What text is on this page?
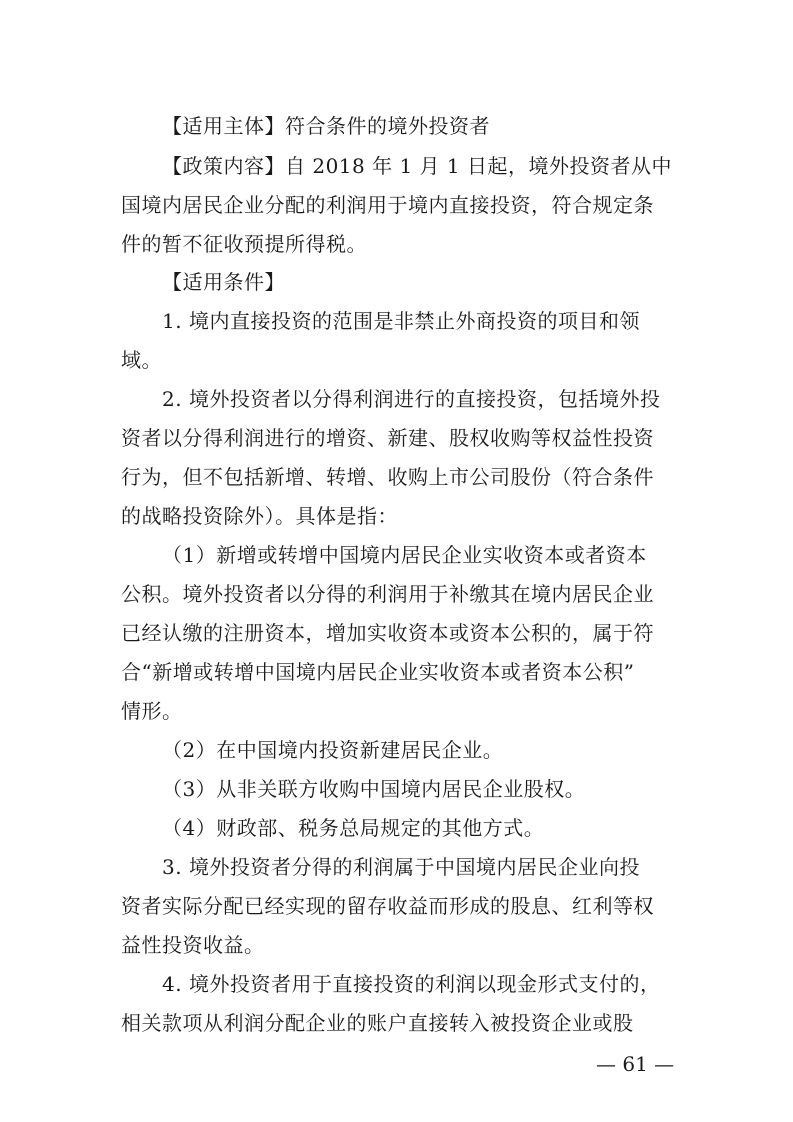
【适用主体】符合条件的境外投资者
【政策内容】自 2018 年 1 月 1 日起，境外投资者从中
国境内居民企业分配的利润用于境内直接投资，符合规定条
件的暂不征收预提所得税。
【适用条件】
1. 境内直接投资的范围是非禁止外商投资的项目和领
域。
2. 境外投资者以分得利润进行的直接投资，包括境外投
资者以分得利润进行的增资、新建、股权收购等权益性投资
行为，但不包括新增、转增、收购上市公司股份（符合条件
的战略投资除外）。具体是指：
（1）新增或转增中国境内居民企业实收资本或者资本
公积。境外投资者以分得的利润用于补缴其在境内居民企业
已经认缴的注册资本，增加实收资本或资本公积的，属于符
合“新增或转增中国境内居民企业实收资本或者资本公积”
情形。
（2）在中国境内投资新建居民企业。
（3）从非关联方收购中国境内居民企业股权。
（4）财政部、税务总局规定的其他方式。
3. 境外投资者分得的利润属于中国境内居民企业向投
资者实际分配已经实现的留存收益而形成的股息、红利等权
益性投资收益。
4. 境外投资者用于直接投资的利润以现金形式支付的，
相关款项从利润分配企业的账户直接转入被投资企业或股
— 61 —
